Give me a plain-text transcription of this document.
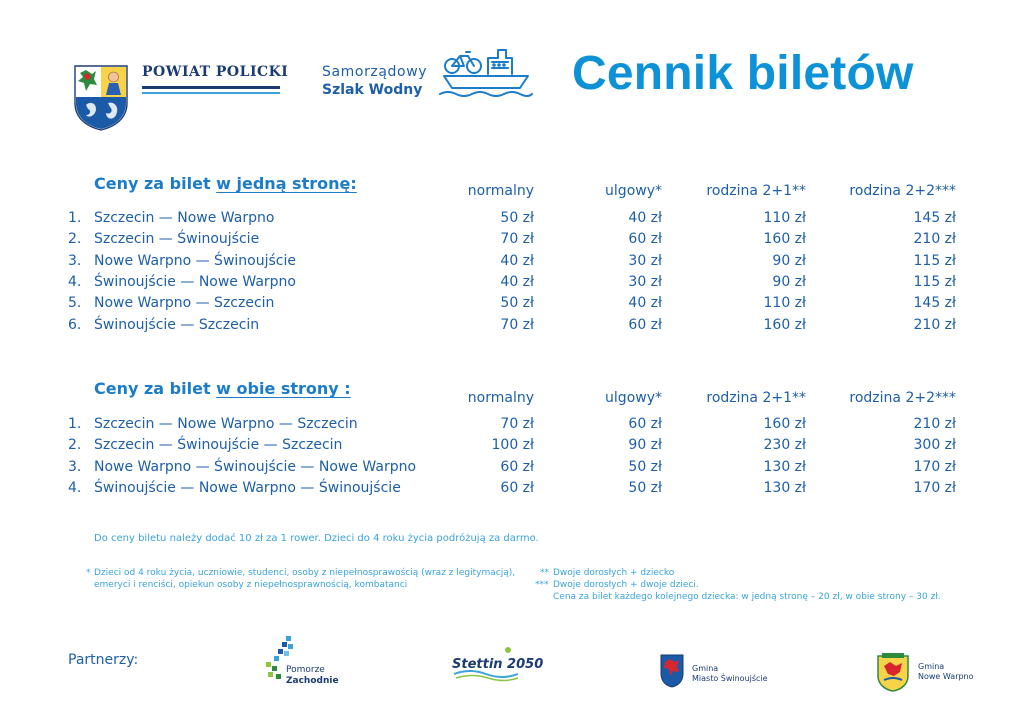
POWIAT POLICKI Samorządowy
Szlak Wodny	Cennik biletów
Ceny za bilet w jedną stronę:	normalny	ulgowy*	rodzina 2+1**	rodzina 2+2***
1. Szczecin — Nowe Warpno	50 zł	40 zł	110 zł	145 zł
2. Szczecin — Świnoujście	70 zł	60 zł	160 zł	210 zł
3. Nowe Warpno — Świnoujście	40 zł	30 zł	90 zł	115 zł
4. Świnoujście — Nowe Warpno	40 zł	30 zł	90 zł	115 zł
5. Nowe Warpno — Szczecin	50 zł	40 zł	110 zł	145 zł
6. Świnoujście — Szczecin	70 zł	60 zł	160 zł	210 zł
Ceny za bilet w obie strony :	normalny	ulgowy*	rodzina 2+1**	rodzina 2+2***
1. Szczecin — Nowe Warpno — Szczecin	70 zł	60 zł	160 zł	210 zł
2. Szczecin — Świnoujście — Szczecin	100 zł	90 zł	230 zł	300 zł
3. Nowe Warpno — Świnoujście — Nowe Warpno	60 zł	50 zł	130 zł	170 zł
4. Świnoujście — Nowe Warpno — Świnoujście	60 zł	50 zł	130 zł	170 zł
Do ceny biletu należy dodać 10 zł za 1 rower. Dzieci do 4 roku życia podróżują za darmo.
* Dzieci od 4 roku życia, uczniowie, studenci, osoby z niepełnosprawością (wraz z legitymacją),
emeryci i renciści, opiekun osoby z niepełnosprawnością, kombatanci
** Dwoje dorosłych + dziecko
*** Dwoje dorosłych + dwoje dzieci.
Cena za bilet każdego kolejnego dziecka: w jedną stronę – 20 zł, w obie strony – 30 zł.
Partnerzy:
Pomorze
Zachodnie
Stettin 2050	Gmina
Miasto Świnoujście
Gmina
Nowe Warpno
